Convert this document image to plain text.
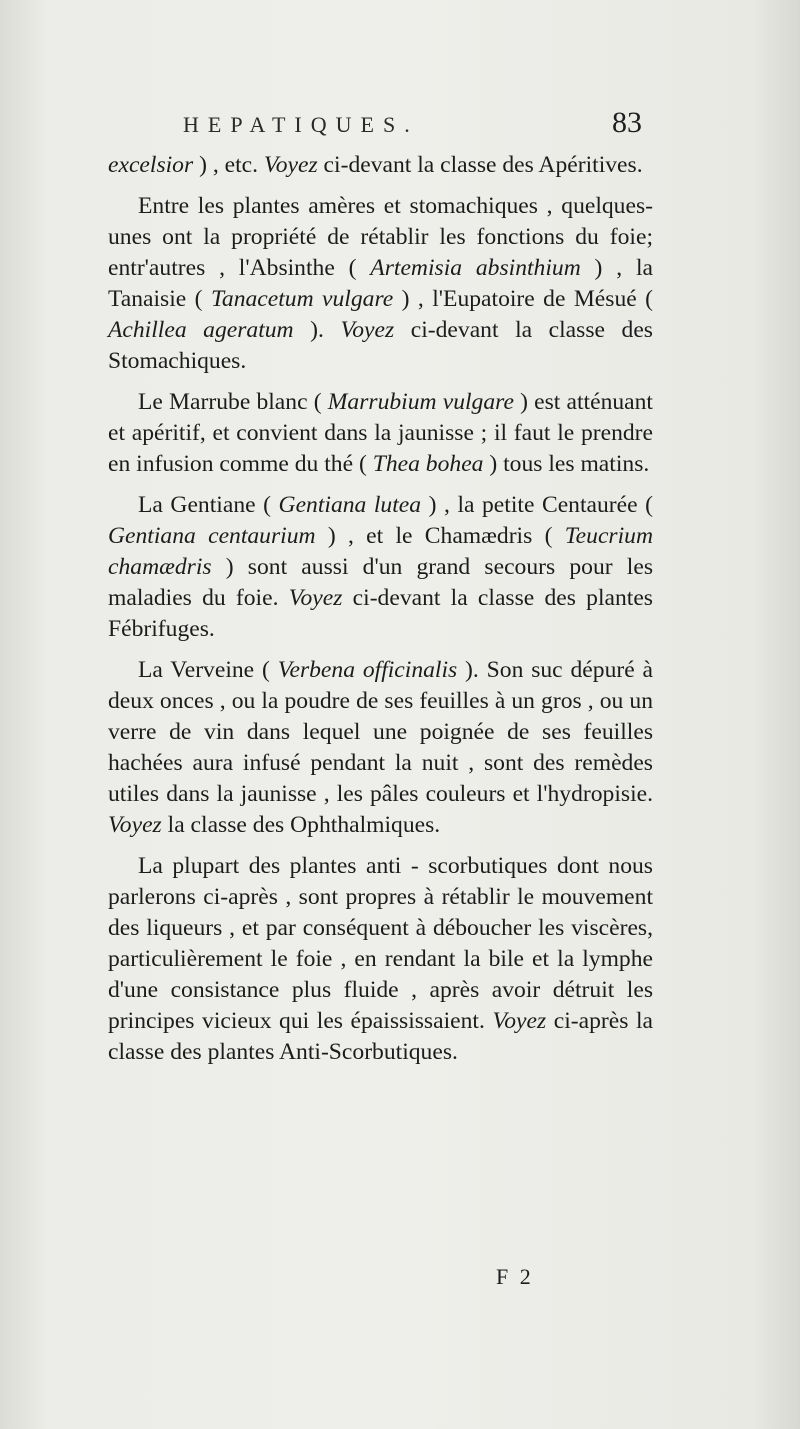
HEPATIQUES.	83

excelsior ) , etc. Voyez ci-devant la classe des Apéritives.

Entre les plantes amères et stomachiques , quelques-unes ont la propriété de rétablir les fonctions du foie; entr'autres , l'Absinthe ( Artemisia absinthium ) , la Tanaisie ( Tanacetum vulgare ) , l'Eupatoire de Mésué ( Achillea ageratum ). Voyez ci-devant la classe des Stomachiques.

Le Marrube blanc ( Marrubium vulgare ) est atténuant et apéritif, et convient dans la jaunisse ; il faut le prendre en infusion comme du thé ( Thea bohea ) tous les matins.

La Gentiane ( Gentiana lutea ) , la petite Centaurée ( Gentiana centaurium ) , et le Chamædris ( Teucrium chamædris ) sont aussi d'un grand secours pour les maladies du foie. Voyez ci-devant la classe des plantes Fébrifuges.

La Verveine ( Verbena officinalis ). Son suc dépuré à deux onces , ou la poudre de ses feuilles à un gros , ou un verre de vin dans lequel une poignée de ses feuilles hachées aura infusé pendant la nuit , sont des remèdes utiles dans la jaunisse , les pâles couleurs et l'hydropisie. Voyez la classe des Ophthalmiques.

La plupart des plantes anti - scorbutiques dont nous parlerons ci-après , sont propres à rétablir le mouvement des liqueurs , et par conséquent à déboucher les viscères, particulièrement le foie , en rendant la bile et la lymphe d'une consistance plus fluide , après avoir détruit les principes vicieux qui les épaississaient. Voyez ci-après la classe des plantes Anti-Scorbutiques.

F 2
